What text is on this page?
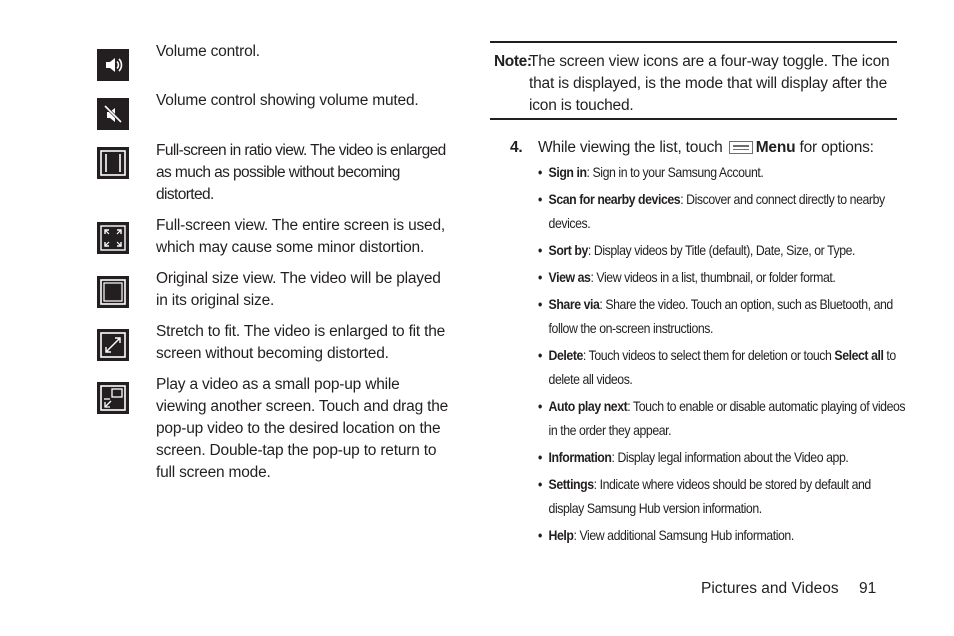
Volume control.
Volume control showing volume muted.
Full-screen in ratio view. The video is enlarged as much as possible without becoming distorted.
Full-screen view. The entire screen is used, which may cause some minor distortion.
Original size view. The video will be played in its original size.
Stretch to fit. The video is enlarged to fit the screen without becoming distorted.
Play a video as a small pop-up while viewing another screen. Touch and drag the pop-up video to the desired location on the screen. Double-tap the pop-up to return to full screen mode.
Note:
The screen view icons are a four-way toggle. The icon that is displayed, is the mode that will display after the icon is touched.
4. While viewing the list, touch Menu for options:
• Sign in: Sign in to your Samsung Account.
• Scan for nearby devices: Discover and connect directly to nearby devices.
• Sort by: Display videos by Title (default), Date, Size, or Type.
• View as: View videos in a list, thumbnail, or folder format.
• Share via: Share the video. Touch an option, such as Bluetooth, and follow the on-screen instructions.
• Delete: Touch videos to select them for deletion or touch Select all to delete all videos.
• Auto play next: Touch to enable or disable automatic playing of videos in the order they appear.
• Information: Display legal information about the Video app.
• Settings: Indicate where videos should be stored by default and display Samsung Hub version information.
• Help: View additional Samsung Hub information.
Pictures and Videos 91
